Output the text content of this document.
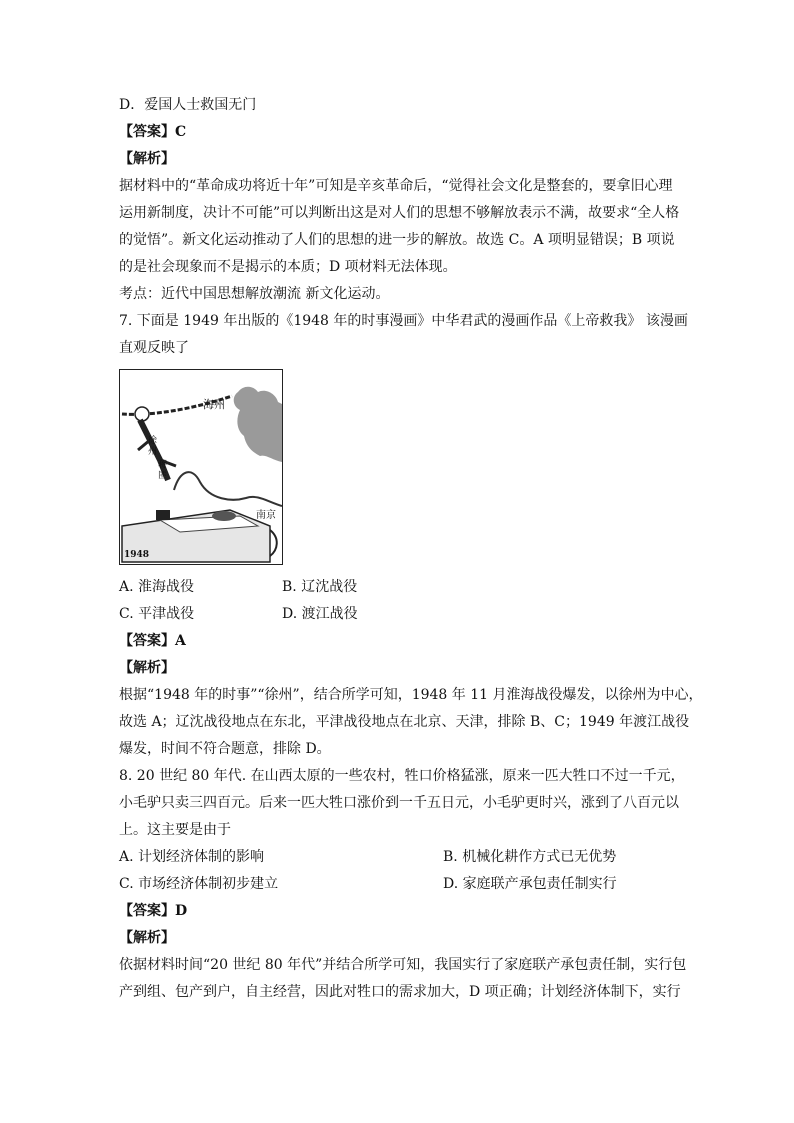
D．爱国人士救国无门
【答案】C
【解析】
据材料中的“革命成功将近十年”可知是辛亥革命后，“觉得社会文化是整套的，要拿旧心理
运用新制度，决计不可能”可以判断出这是对人们的思想不够解放表示不满，故要求“全人格
的觉悟”。新文化运动推动了人们的思想的进一步的解放。故选 C。A 项明显错误；B 项说
的是社会现象而不是揭示的本质；D 项材料无法体现。
考点：近代中国思想解放潮流 新文化运动。
7. 下面是 1949 年出版的《1948 年的时事漫画》中华君武的漫画作品《上帝救我》 该漫画
直观反映了
海州
徐州
蒋匪
南京
1948
A. 淮海战役	B. 辽沈战役
C. 平津战役	D. 渡江战役
【答案】A
【解析】
根据“1948 年的时事”“徐州”，结合所学可知，1948 年 11 月淮海战役爆发，以徐州为中心，
故选 A；辽沈战役地点在东北，平津战役地点在北京、天津，排除 B、C；1949 年渡江战役
爆发，时间不符合题意，排除 D。
8. 20 世纪 80 年代. 在山西太原的一些农村，牲口价格猛涨，原来一匹大牲口不过一千元，
小毛驴只卖三四百元。后来一匹大牲口涨价到一千五日元，小毛驴更时兴，涨到了八百元以
上。这主要是由于
A. 计划经济体制的影响	B. 机械化耕作方式已无优势
C. 市场经济体制初步建立	D. 家庭联产承包责任制实行
【答案】D
【解析】
依据材料时间“20 世纪 80 年代”并结合所学可知，我国实行了家庭联产承包责任制，实行包
产到组、包产到户，自主经营，因此对牲口的需求加大，D 项正确；计划经济体制下，实行
